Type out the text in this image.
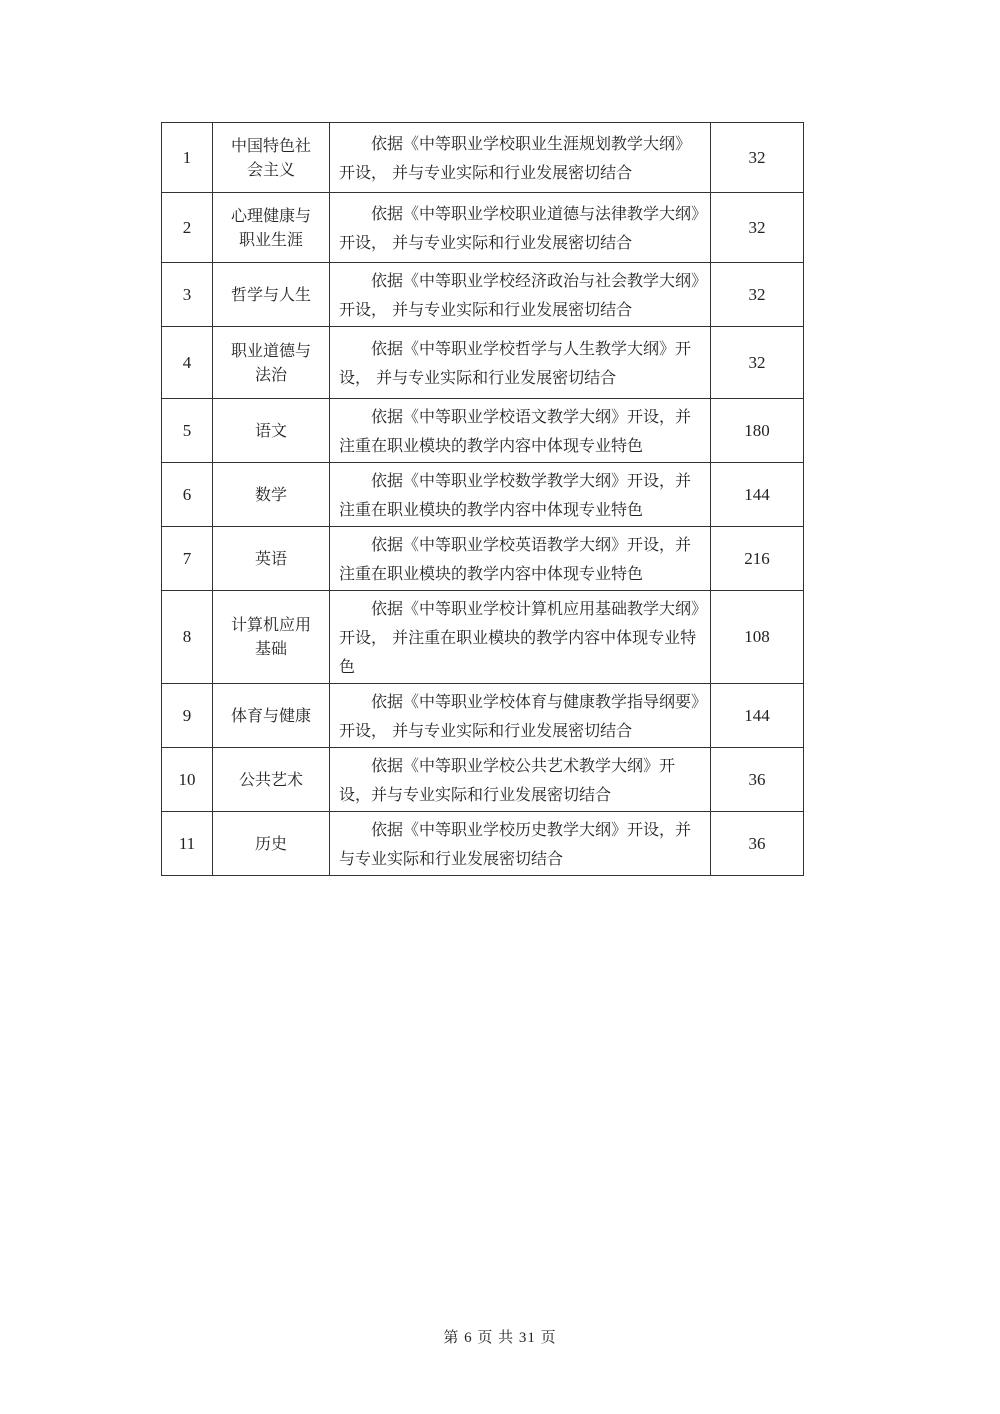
1	中国特色社会主义	依据《中等职业学校职业生涯规划教学大纲》开设， 并与专业实际和行业发展密切结合	32
2	心理健康与职业生涯	依据《中等职业学校职业道德与法律教学大纲》开设， 并与专业实际和行业发展密切结合	32
3	哲学与人生	依据《中等职业学校经济政治与社会教学大纲》开设， 并与专业实际和行业发展密切结合	32
4	职业道德与法治	依据《中等职业学校哲学与人生教学大纲》开设， 并与专业实际和行业发展密切结合	32
5	语文	依据《中等职业学校语文教学大纲》开设，并注重在职业模块的教学内容中体现专业特色	180
6	数学	依据《中等职业学校数学教学大纲》开设，并注重在职业模块的教学内容中体现专业特色	144
7	英语	依据《中等职业学校英语教学大纲》开设，并注重在职业模块的教学内容中体现专业特色	216
8	计算机应用基础	依据《中等职业学校计算机应用基础教学大纲》开设， 并注重在职业模块的教学内容中体现专业特色	108
9	体育与健康	依据《中等职业学校体育与健康教学指导纲要》开设， 并与专业实际和行业发展密切结合	144
10	公共艺术	依据《中等职业学校公共艺术教学大纲》开设，并与专业实际和行业发展密切结合	36
11	历史	依据《中等职业学校历史教学大纲》开设，并与专业实际和行业发展密切结合	36
第 6 页 共 31 页
